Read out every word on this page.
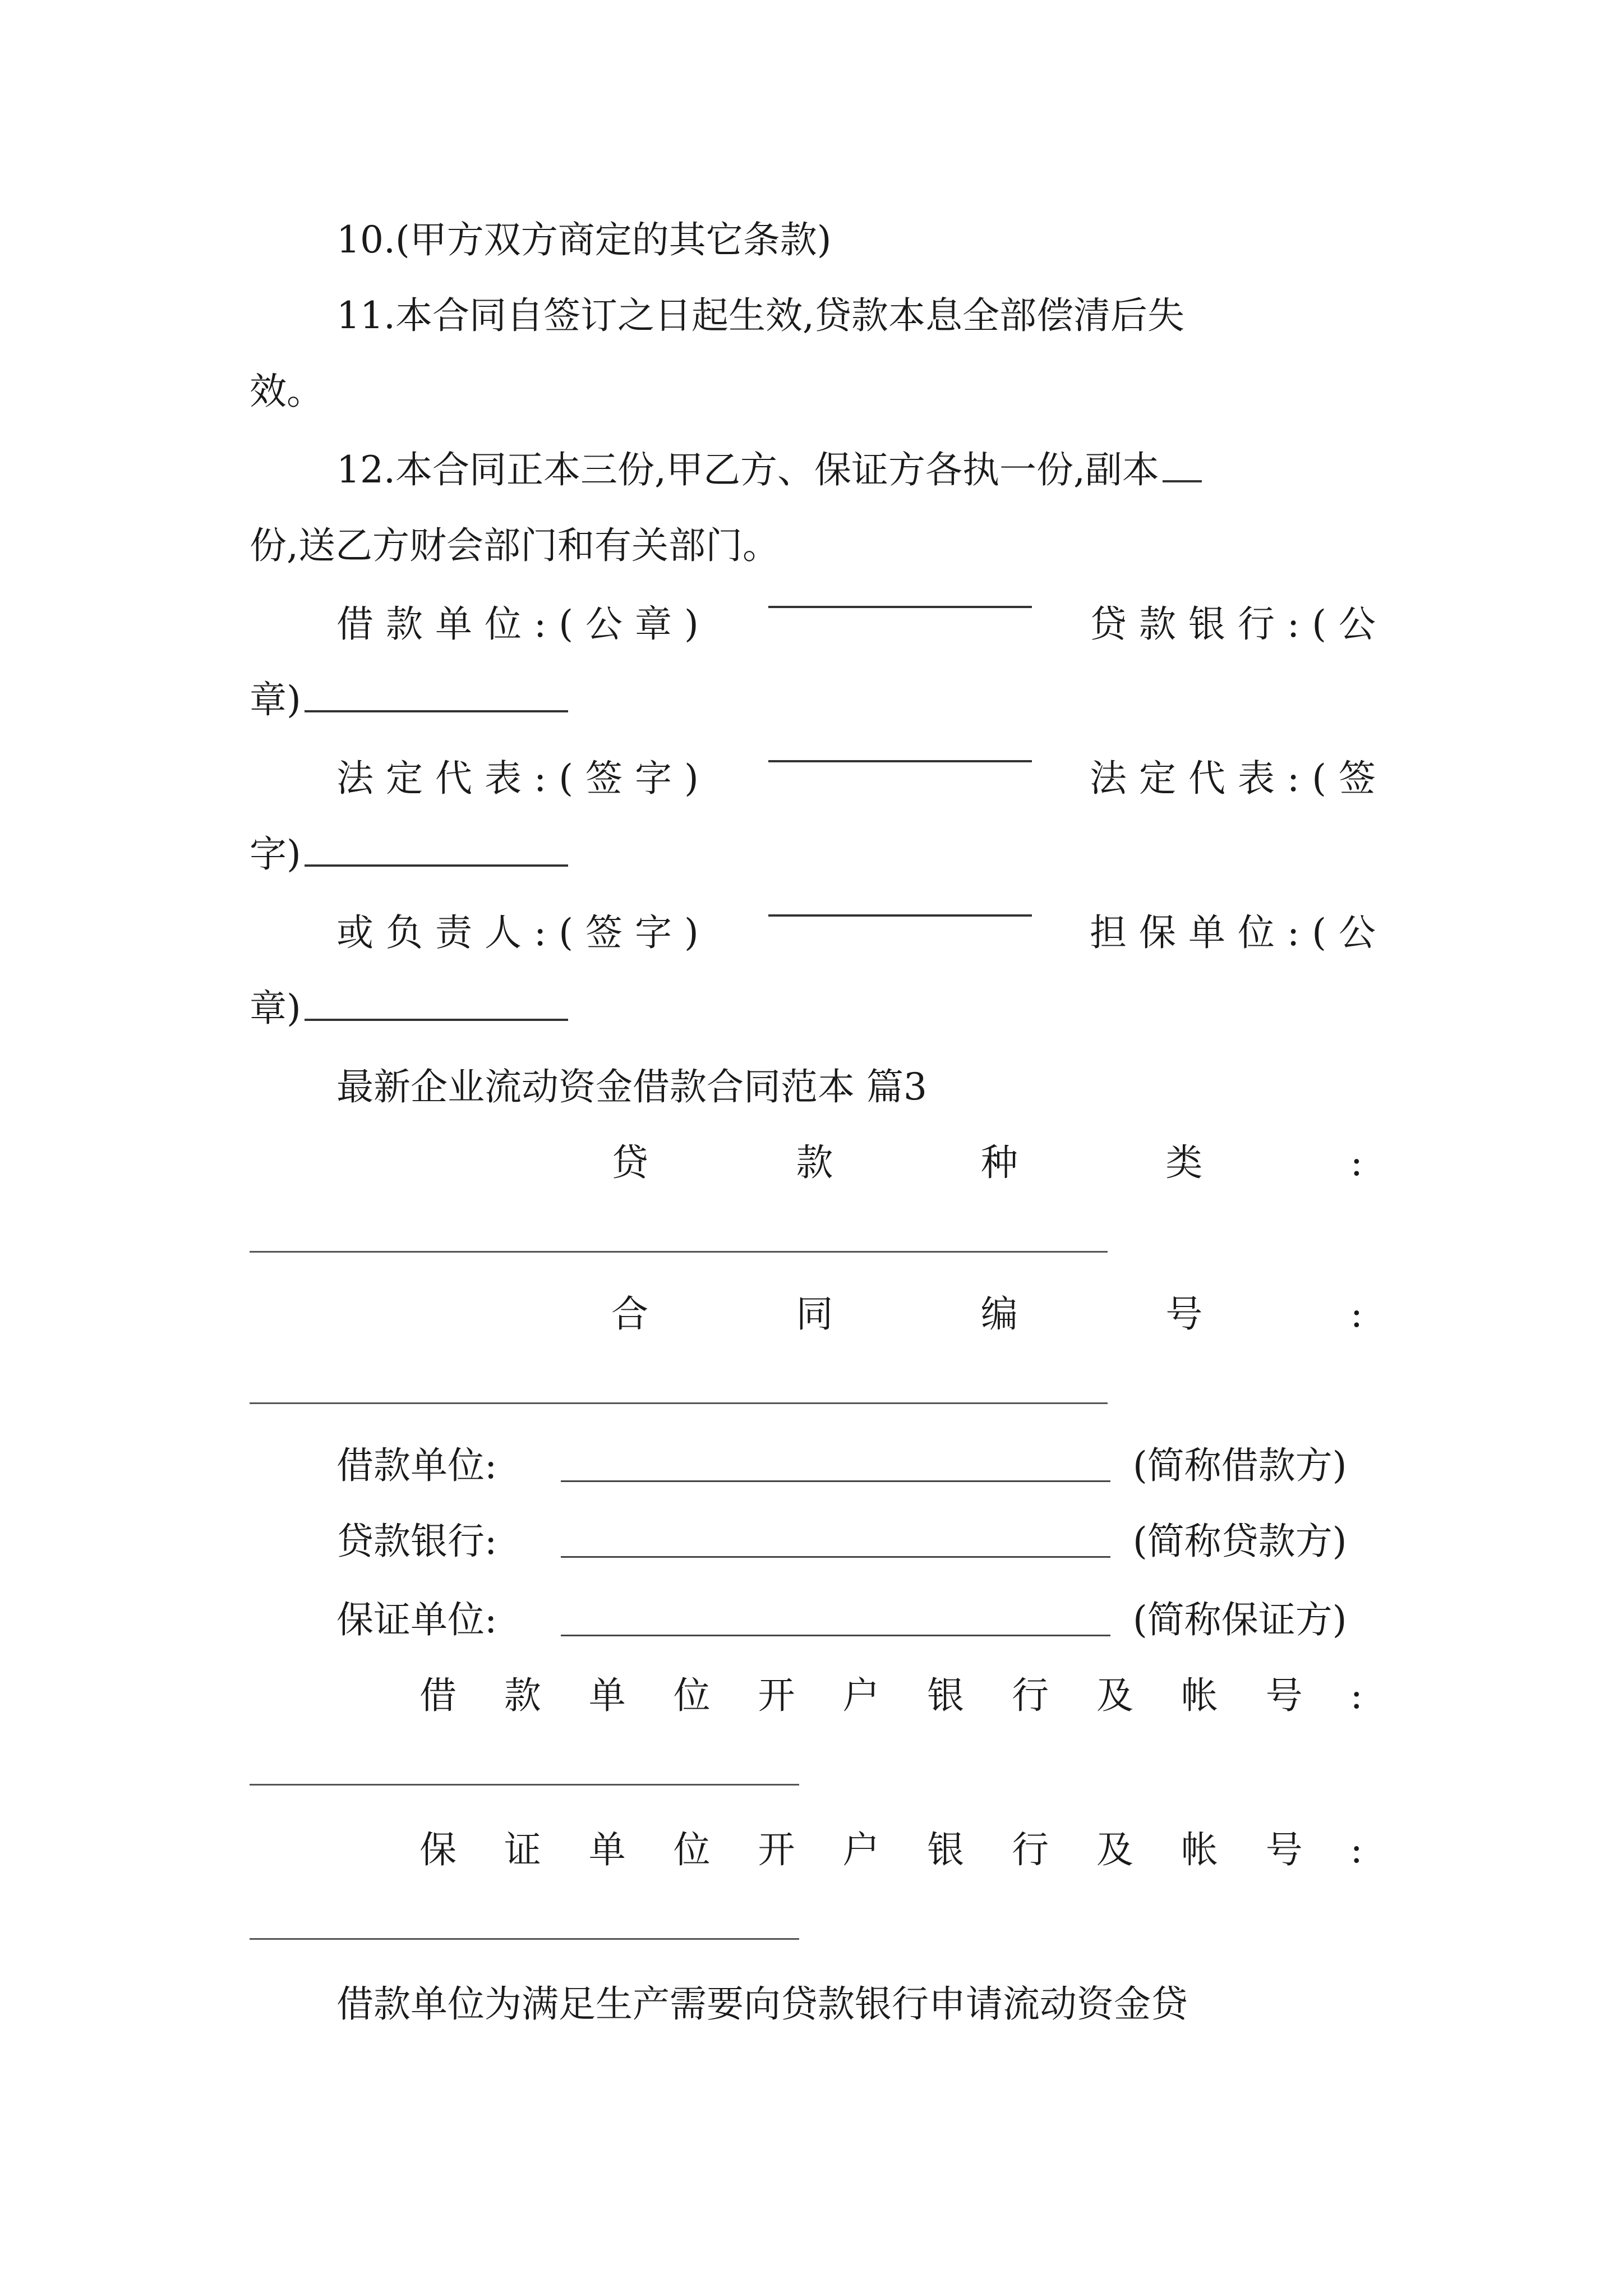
10.(甲方双方商定的其它条款)
11.本合同自签订之日起生效,贷款本息全部偿清后失
效。
12.本合同正本三份,甲乙方、保证方各执一份,副本
份,送乙方财会部门和有关部门。
借款单位:(公章)	贷款银行:(公
章)
法定代表:(签字)	法定代表:(签
字)
或负责人:(签字)	担保单位:(公
章)
最新企业流动资金借款合同范本 篇3
贷	款	种	类	:
合	同	编	号	:
借款单位:	(简称借款方)
贷款银行:	(简称贷款方)
保证单位:	(简称保证方)
借 款 单 位 开 户 银 行 及 帐 号 :
保 证 单 位 开 户 银 行 及 帐 号 :
借款单位为满足生产需要向贷款银行申请流动资金贷
